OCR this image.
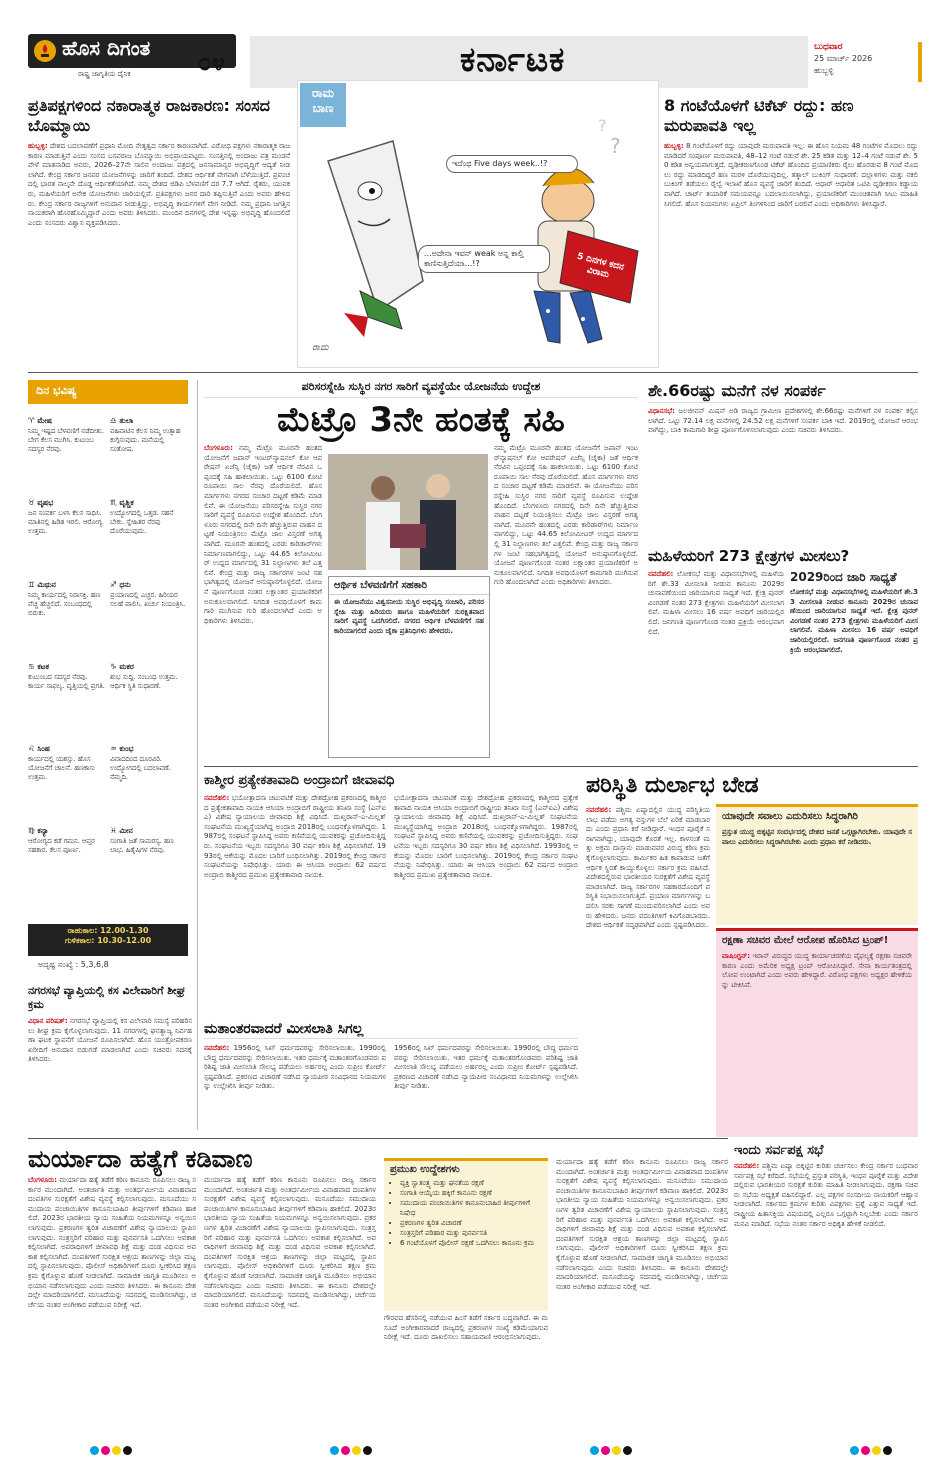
ಹೊಸ ದಿಗಂತ
ರಾಷ್ಟ್ರ ಜಾಗೃತಿಯ ದೈನಿಕ	೦೪	ಕರ್ನಾಟಕ	ಬುಧವಾರ
25 ಮಾರ್ಚ್ 2026
ಹುಬ್ಬಳ್ಳಿ
ಪ್ರತಿಪಕ್ಷಗಳಿಂದ ನಕಾರಾತ್ಮಕ ರಾಜಕಾರಣ: ಸಂಸದ ಬೊಮ್ಮಾಯಿ
ಹುಬ್ಬಳ್ಳಿ: ದೇಶದ ಬದಲಾವಣೆಗೆ ಪ್ರಧಾನಿ ಮೋದಿ ನೇತೃತ್ವದ ಸರ್ಕಾರ ಕಾರಣವಾಗಿದೆ. ವಿರೋಧ ಪಕ್ಷಗಳು ನಕಾರಾತ್ಮಕ ರಾಜಕಾರಣ ಮಾಡುತ್ತಿವೆ ಎಂದು ಸಂಸದ ಬಸವರಾಜ ಬೊಮ್ಮಾಯಿ ಅಭಿಪ್ರಾಯಪಟ್ಟರು. ಸಂಸತ್ತಿನಲ್ಲಿ ಅಂದಾಜು ಪತ್ರ ಮಂಡನೆ ವೇಳೆ ಮಾತನಾಡಿದ ಅವರು, 2026–27ನೇ ಸಾಲಿನ ಅಂದಾಜು ಪತ್ರದಲ್ಲಿ ಜನಸಾಮಾನ್ಯರ ಅಭಿವೃದ್ಧಿಗೆ ಆದ್ಯತೆ ನೀಡಲಾಗಿದೆ. ಕೇಂದ್ರ ಸರ್ಕಾರ ಜನಪರ ಯೋಜನೆಗಳನ್ನು ಜಾರಿಗೆ ತಂದಿದೆ. ದೇಶದ ಆರ್ಥಿಕತೆ ವೇಗವಾಗಿ ಬೆಳೆಯುತ್ತಿದೆ. ಪ್ರಪಂಚದಲ್ಲಿ ಭಾರತ ನಾಲ್ಕನೇ ದೊಡ್ಡ ಆರ್ಥಿಕತೆಯಾಗಿದೆ. ನಮ್ಮ ದೇಶದ ಜಿಡಿಪಿ ಬೆಳವಣಿಗೆ ದರ 7.7 ಆಗಿದೆ. ರೈತರು, ಯುವಕರು, ಮಹಿಳೆಯರಿಗೆ ಅನೇಕ ಯೋಜನೆಗಳು ಜಾರಿಯಲ್ಲಿವೆ. ಪ್ರತಿಪಕ್ಷಗಳು ಜನರ ದಾರಿ ತಪ್ಪಿಸುತ್ತಿವೆ ಎಂದು ಅವರು ಹೇಳಿದರು. ಕೇಂದ್ರ ಸರ್ಕಾರ ರಾಜ್ಯಗಳಿಗೆ ಅನುದಾನ ನೀಡುತ್ತಿದ್ದು, ಅಭಿವೃದ್ಧಿ ಕಾರ್ಯಗಳಿಗೆ ವೇಗ ನೀಡಿದೆ. ನಮ್ಮ ಪ್ರಧಾನಿ ಜಗತ್ತಿನ ನಾಯಕರಾಗಿ ಹೊರಹೊಮ್ಮಿದ್ದಾರೆ ಎಂದು ಅವರು ತಿಳಿಸಿದರು. ಮುಂದಿನ ದಿನಗಳಲ್ಲಿ ದೇಶ ಇನ್ನಷ್ಟು ಅಭಿವೃದ್ಧಿ ಹೊಂದಲಿದೆ ಎಂದು ಸಂಸದರು ವಿಶ್ವಾಸ ವ್ಯಕ್ತಪಡಿಸಿದರು.
ರಾಮ
ಬಾಣ
?
?
ಇದೆಂಥ Five days week..!?
...ಅದೇನಾ ಇವನ್ weak ಅನ್ನ ಕಾಲ್ತಿ ಕಾಣಿಸುತ್ತಿದೆಯಾ...!?	5 ದಿನಗಳ ಕದನ ವಿರಾಮ
ರಾಮ
8 ಗಂಟೆಯೊಳಗೆ ಟಿಕೆಟ್ ರದ್ದು: ಹಣ ಮರುಪಾವತಿ ಇಲ್ಲ
ಹುಬ್ಬಳ್ಳಿ: 8 ಗಂಟೆಯೊಳಗೆ ರದ್ದು ಯಾವುದೇ ಮರುಪಾವತಿ ಇಲ್ಲ: ಈ ಹೊಸ ನಿಯಮ 48 ಗಂಟೆಗಳ ಮೊದಲು ರದ್ದು ಮಾಡಿದರೆ ಸಂಪೂರ್ಣ ಮರುಪಾವತಿ, 48–12 ಗಂಟೆ ನಡುವೆ ಶೇ. 25 ಕಡಿತ ಮತ್ತು 12–4 ಗಂಟೆ ನಡುವೆ ಶೇ. 50 ಕಡಿತ ಅನ್ವಯವಾಗುತ್ತದೆ. ದೃಢೀಕರಣಗೊಂಡ ಟಿಕೆಟ್ ಹೊಂದಿದ ಪ್ರಯಾಣಿಕರು ರೈಲು ಹೊರಡುವ 8 ಗಂಟೆ ಮೊದಲು ರದ್ದು ಮಾಡದಿದ್ದರೆ ಹಣ ಮರಳಿ ದೊರೆಯುವುದಿಲ್ಲ. ತತ್ಕಾಲ್ ಬುಕಿಂಗ್ ಸುಧಾರಣೆ: ದಲ್ಲಾಳಿಗಳು ಮತ್ತು ನಕಲಿ ಬುಕಿಂಗ್ ತಡೆಯಲು ರೈಲ್ವೆ ಇಲಾಖೆ ಹೊಸ ವ್ಯವಸ್ಥೆ ಜಾರಿಗೆ ತಂದಿದೆ. ಆಧಾರ್ ಆಧಾರಿತ ಒಟಿಪಿ ದೃಢೀಕರಣ ಕಡ್ಡಾಯವಾಗಿದೆ. ಚಾರ್ಟ್ ತಯಾರಿಕೆ ಸಮಯವನ್ನೂ ಬದಲಾಯಿಸಲಾಗಿದ್ದು, ಪ್ರಯಾಣಿಕರಿಗೆ ಮುಂಚಿತವಾಗಿ ಸೀಟು ಮಾಹಿತಿ ಸಿಗಲಿದೆ. ಹೊಸ ನಿಯಮಗಳು ಏಪ್ರಿಲ್ ತಿಂಗಳಿನಿಂದ ಜಾರಿಗೆ ಬರಲಿವೆ ಎಂದು ಅಧಿಕಾರಿಗಳು ತಿಳಿಸಿದ್ದಾರೆ.
ದಿನ ಭವಿಷ್ಯ
♈ ಮೇಷ
ನಿಮ್ಮ ಇಷ್ಟದ ಬೆಳವಣಿಗೆ ನಡೆದೀತು. ಬೇಗ ಕೆಲಸ ಮುಗಿಸಿ. ಕುಟುಂಬ ಸದಸ್ಯರ ನೆರವು.
♎ ತುಲಾ
ವಹಿವಾಟಿನ ಕೆಲಸ ನಿಮ್ಮ ಉತ್ಸಾಹ ಕುಗ್ಗಿಸುವುದು. ಮನೆಯಲ್ಲಿ ಸಂತೋಷ.
♉ ವೃಷಭ
ಜನ ಸಂಪರ್ಕ ಬಳಸಿ ಕೆಲಸ ಸಾಧಿಸಿ. ಮಾತಿನಲ್ಲಿ ಹಿಡಿತ ಇರಲಿ. ಆರೋಗ್ಯ ಉತ್ತಮ.
♏ ವೃಶ್ಚಿಕ
ಉದ್ಯೋಗದಲ್ಲಿ ಒತ್ತಡ. ಸಹನೆ ಬೇಕು. ಸ್ನೇಹಿತರ ನೆರವು ದೊರೆಯುವುದು.
♊ ಮಿಥುನ
ನಿಮ್ಮ ಕಾರ್ಯದಲ್ಲಿ ನಿರಾಸಕ್ತಿ. ಹಣ ವೆಚ್ಚ ಹೆಚ್ಚಲಿದೆ. ಸಂಬಂಧದಲ್ಲಿ ಬಿರುಕು.
♐ ಧನು
ಪ್ರಯಾಣದಲ್ಲಿ ಎಚ್ಚರ. ಹಿರಿಯರ ಸಲಹೆ ಪಾಲಿಸಿ. ಖರ್ಚು ನಿಯಂತ್ರಿಸಿ.
♋ ಕಟಕ
ಕುಟುಂಬದ ಸದಸ್ಯರ ನೆರವು. ಕಾರ್ಯ ಸಾಫಲ್ಯ. ವೃತ್ತಿಯಲ್ಲಿ ಪ್ರಗತಿ.
♑ ಮಕರ
ಶುಭ ಸುದ್ದಿ. ಸಂಬಂಧ ಉತ್ತಮ. ಆರ್ಥಿಕ ಸ್ಥಿತಿ ಸುಧಾರಣೆ.
♌ ಸಿಂಹ
ಕಾರ್ಯದಲ್ಲಿ ಯಶಸ್ಸು. ಹೊಸ ಯೋಜನೆಗೆ ಚಾಲನೆ. ಹಣಕಾಸು ಉತ್ತಮ.
♒ ಕುಂಭ
ವಿವಾದದಿಂದ ದೂರವಿರಿ. ಉದ್ಯೋಗದಲ್ಲಿ ಬದಲಾವಣೆ. ನೆಮ್ಮದಿ.
♍ ಕನ್ಯಾ
ಆರೋಗ್ಯದ ಕಡೆ ಗಮನ. ಆಪ್ತರ ಸಹಕಾರ. ಕೆಲಸ ಪೂರ್ಣ.
♓ ಮೀನ
ಸಂಗಾತಿ ಜತೆ ಸಾಮರಸ್ಯ. ಹಣ ಲಾಭ. ಹಿತೈಷಿಗಳ ನೆರವು.
ರಾಹುಕಾಲ: 12.00-1.30
ಗುಳಿಕಕಾಲ: 10.30-12.00
ಅದೃಷ್ಟ ಸಂಖ್ಯೆ : 5,3,6,8
ನಗರಸಭೆ ವ್ಯಾಪ್ತಿಯಲ್ಲಿ ಕಸ ವಿಲೇವಾರಿಗೆ ಶೀಘ್ರ ಕ್ರಮ
ವಿಧಾನ ಪರಿಷತ್: ನಗರಸಭೆ ವ್ಯಾಪ್ತಿಯಲ್ಲಿ ಕಸ ವಿಲೇವಾರಿ ಸಮಸ್ಯೆ ಪರಿಹರಿಸಲು ಶೀಘ್ರ ಕ್ರಮ ಕೈಗೊಳ್ಳಲಾಗುವುದು. 11 ನಗರಗಳಲ್ಲಿ ಘನತ್ಯಾಜ್ಯ ನಿರ್ವಹಣಾ ಘಟಕ ಸ್ಥಾಪನೆಗೆ ಯೋಜನೆ ರೂಪಿಸಲಾಗಿದೆ. ಹೊಸ ಯಂತ್ರೋಪಕರಣ ಖರೀದಿಗೆ ಅನುದಾನ ಬಿಡುಗಡೆ ಮಾಡಲಾಗಿದೆ ಎಂದು ಸಚಿವರು ಸದನಕ್ಕೆ ತಿಳಿಸಿದರು.
ಪರಿಸರಸ್ನೇಹಿ ಸುಸ್ಥಿರ ನಗರ ಸಾರಿಗೆ ವ್ಯವಸ್ಥೆಯೇ ಯೋಜನೆಯ ಉದ್ದೇಶ
ಮೆಟ್ರೊ 3ನೇ ಹಂತಕ್ಕೆ ಸಹಿ
ಬೆಂಗಳೂರು: ನಮ್ಮ ಮೆಟ್ರೊ ಮೂರನೇ ಹಂತದ ಯೋಜನೆಗೆ ಜಪಾನ್ ಇಂಟರ್‌ನ್ಯಾಷನಲ್ ಕೋ ಆಪರೇಷನ್ ಏಜೆನ್ಸಿ (ಜೈಕಾ) ಜತೆ ಆರ್ಥಿಕ ನೆರವಿನ ಒಪ್ಪಂದಕ್ಕೆ ಸಹಿ ಹಾಕಲಾಯಿತು. ಒಟ್ಟು 6100 ಕೋಟಿ ರೂಪಾಯಿ ಸಾಲ ನೆರವು ದೊರೆಯಲಿದೆ. ಹೊಸ ಮಾರ್ಗಗಳು ನಗರದ ಸಂಚಾರ ದಟ್ಟಣೆ ಕಡಿಮೆ ಮಾಡಲಿವೆ. ಈ ಯೋಜನೆಯು ಪರಿಸರಸ್ನೇಹಿ ಸುಸ್ಥಿರ ನಗರ ಸಾರಿಗೆ ವ್ಯವಸ್ಥೆ ರೂಪಿಸುವ ಉದ್ದೇಶ ಹೊಂದಿದೆ. ಬೆಂಗಳೂರು ನಗರದಲ್ಲಿ ದಿನೇ ದಿನೇ ಹೆಚ್ಚುತ್ತಿರುವ ವಾಹನ ದಟ್ಟಣೆ ನಿಯಂತ್ರಿಸಲು ಮೆಟ್ರೊ ಜಾಲ ವಿಸ್ತರಣೆ ಅಗತ್ಯವಾಗಿದೆ. ಮೂರನೇ ಹಂತದಲ್ಲಿ ಎರಡು ಕಾರಿಡಾರ್‌ಗಳು ನಿರ್ಮಾಣವಾಗಲಿದ್ದು, ಒಟ್ಟು 44.65 ಕಿಲೋಮೀಟರ್ ಉದ್ದದ ಮಾರ್ಗದಲ್ಲಿ 31 ನಿಲ್ದಾಣಗಳು ತಲೆ ಎತ್ತಲಿವೆ. ಕೇಂದ್ರ ಮತ್ತು ರಾಜ್ಯ ಸರ್ಕಾರಗಳ ಜಂಟಿ ಸಹಭಾಗಿತ್ವದಲ್ಲಿ ಯೋಜನೆ ಅನುಷ್ಠಾನಗೊಳ್ಳಲಿದೆ. ಯೋಜನೆ ಪೂರ್ಣಗೊಂಡ ನಂತರ ಲಕ್ಷಾಂತರ ಪ್ರಯಾಣಿಕರಿಗೆ ಅನುಕೂಲವಾಗಲಿದೆ. ನಿಗದಿತ ಅವಧಿಯೊಳಗೆ ಕಾಮಗಾರಿ ಮುಗಿಸುವ ಗುರಿ ಹೊಂದಲಾಗಿದೆ ಎಂದು ಅಧಿಕಾರಿಗಳು ತಿಳಿಸಿದರು.
ಆರ್ಥಿಕ ಬೆಳವಣಿಗೆಗೆ ಸಹಕಾರಿ
ಈ ಯೋಜನೆಯು ವಿಶ್ವಸನೀಯ ಸುಸ್ಥಿರ ಅಭಿವೃದ್ಧಿ ಸಂಚಾರಿ, ಪರಿಸರ ಸ್ನೇಹಿ ಮತ್ತು ಹಿರಿಯರು ಹಾಗೂ ಮಹಿಳೆಯರಿಗೆ ಸುರಕ್ಷಿತವಾದ ಸಾರಿಗೆ ವ್ಯವಸ್ಥೆ ಒದಗಿಸಲಿದೆ. ನಗರದ ಆರ್ಥಿಕ ಬೆಳವಣಿಗೆಗೆ ಸಹಕಾರಿಯಾಗಲಿದೆ ಎಂದು ಜೈಕಾ ಪ್ರತಿನಿಧಿಗಳು ಹೇಳಿದರು.
ನಮ್ಮ ಮೆಟ್ರೊ ಮೂರನೇ ಹಂತದ ಯೋಜನೆಗೆ ಜಪಾನ್ ಇಂಟರ್‌ನ್ಯಾಷನಲ್ ಕೋ ಆಪರೇಷನ್ ಏಜೆನ್ಸಿ (ಜೈಕಾ) ಜತೆ ಆರ್ಥಿಕ ನೆರವಿನ ಒಪ್ಪಂದಕ್ಕೆ ಸಹಿ ಹಾಕಲಾಯಿತು. ಒಟ್ಟು 6100 ಕೋಟಿ ರೂಪಾಯಿ ಸಾಲ ನೆರವು ದೊರೆಯಲಿದೆ. ಹೊಸ ಮಾರ್ಗಗಳು ನಗರದ ಸಂಚಾರ ದಟ್ಟಣೆ ಕಡಿಮೆ ಮಾಡಲಿವೆ. ಈ ಯೋಜನೆಯು ಪರಿಸರಸ್ನೇಹಿ ಸುಸ್ಥಿರ ನಗರ ಸಾರಿಗೆ ವ್ಯವಸ್ಥೆ ರೂಪಿಸುವ ಉದ್ದೇಶ ಹೊಂದಿದೆ. ಬೆಂಗಳೂರು ನಗರದಲ್ಲಿ ದಿನೇ ದಿನೇ ಹೆಚ್ಚುತ್ತಿರುವ ವಾಹನ ದಟ್ಟಣೆ ನಿಯಂತ್ರಿಸಲು ಮೆಟ್ರೊ ಜಾಲ ವಿಸ್ತರಣೆ ಅಗತ್ಯವಾಗಿದೆ. ಮೂರನೇ ಹಂತದಲ್ಲಿ ಎರಡು ಕಾರಿಡಾರ್‌ಗಳು ನಿರ್ಮಾಣವಾಗಲಿದ್ದು, ಒಟ್ಟು 44.65 ಕಿಲೋಮೀಟರ್ ಉದ್ದದ ಮಾರ್ಗದಲ್ಲಿ 31 ನಿಲ್ದಾಣಗಳು ತಲೆ ಎತ್ತಲಿವೆ. ಕೇಂದ್ರ ಮತ್ತು ರಾಜ್ಯ ಸರ್ಕಾರಗಳ ಜಂಟಿ ಸಹಭಾಗಿತ್ವದಲ್ಲಿ ಯೋಜನೆ ಅನುಷ್ಠಾನಗೊಳ್ಳಲಿದೆ. ಯೋಜನೆ ಪೂರ್ಣಗೊಂಡ ನಂತರ ಲಕ್ಷಾಂತರ ಪ್ರಯಾಣಿಕರಿಗೆ ಅನುಕೂಲವಾಗಲಿದೆ. ನಿಗದಿತ ಅವಧಿಯೊಳಗೆ ಕಾಮಗಾರಿ ಮುಗಿಸುವ ಗುರಿ ಹೊಂದಲಾಗಿದೆ ಎಂದು ಅಧಿಕಾರಿಗಳು ತಿಳಿಸಿದರು.
ಶೇ.66ರಷ್ಟು ಮನೆಗೆ ನಳ ಸಂಪರ್ಕ
ವಿಧಾನಸಭೆ: ಜಲಜೀವನ್ ಮಿಷನ್ ಅಡಿ ರಾಜ್ಯದ ಗ್ರಾಮೀಣ ಪ್ರದೇಶಗಳಲ್ಲಿ ಶೇ.66ರಷ್ಟು ಮನೆಗಳಿಗೆ ನಳ ಸಂಪರ್ಕ ಕಲ್ಪಿಸಲಾಗಿದೆ. ಒಟ್ಟು 72.14 ಲಕ್ಷ ಮನೆಗಳಲ್ಲಿ 24.52 ಲಕ್ಷ ಮನೆಗಳಿಗೆ ಸಂಪರ್ಕ ಬಾಕಿ ಇದೆ. 2019ರಲ್ಲಿ ಯೋಜನೆ ಆರಂಭವಾಗಿದ್ದು, ಬಾಕಿ ಕಾಮಗಾರಿ ಶೀಘ್ರ ಪೂರ್ಣಗೊಳಿಸಲಾಗುವುದು ಎಂದು ಸಚಿವರು ತಿಳಿಸಿದರು.
ಮಹಿಳೆಯರಿಗೆ 273 ಕ್ಷೇತ್ರಗಳ ಮೀಸಲು?
ನವದೆಹಲಿ: ಲೋಕಸಭೆ ಮತ್ತು ವಿಧಾನಸಭೆಗಳಲ್ಲಿ ಮಹಿಳೆಯರಿಗೆ ಶೇ.33 ಮೀಸಲಾತಿ ನೀಡುವ ಕಾನೂನು 2029ರ ಚುನಾವಣೆಯಿಂದ ಜಾರಿಯಾಗುವ ಸಾಧ್ಯತೆ ಇದೆ. ಕ್ಷೇತ್ರ ಪುನರ್ ವಿಂಗಡಣೆ ನಂತರ 273 ಕ್ಷೇತ್ರಗಳು ಮಹಿಳೆಯರಿಗೆ ಮೀಸಲಾಗಲಿವೆ. ಮಹಿಳಾ ಮೀಸಲು 16 ವರ್ಷ ಅವಧಿಗೆ ಜಾರಿಯಲ್ಲಿರಲಿದೆ. ಜನಗಣತಿ ಪೂರ್ಣಗೊಂಡ ನಂತರ ಪ್ರಕ್ರಿಯೆ ಆರಂಭವಾಗಲಿದೆ.
2029ರಿಂದ ಜಾರಿ ಸಾಧ್ಯತೆ
ಲೋಕಸಭೆ ಮತ್ತು ವಿಧಾನಸಭೆಗಳಲ್ಲಿ ಮಹಿಳೆಯರಿಗೆ ಶೇ.33 ಮೀಸಲಾತಿ ನೀಡುವ ಕಾನೂನು 2029ರ ಚುನಾವಣೆಯಿಂದ ಜಾರಿಯಾಗುವ ಸಾಧ್ಯತೆ ಇದೆ. ಕ್ಷೇತ್ರ ಪುನರ್ ವಿಂಗಡಣೆ ನಂತರ 273 ಕ್ಷೇತ್ರಗಳು ಮಹಿಳೆಯರಿಗೆ ಮೀಸಲಾಗಲಿವೆ. ಮಹಿಳಾ ಮೀಸಲು 16 ವರ್ಷ ಅವಧಿಗೆ ಜಾರಿಯಲ್ಲಿರಲಿದೆ. ಜನಗಣತಿ ಪೂರ್ಣಗೊಂಡ ನಂತರ ಪ್ರಕ್ರಿಯೆ ಆರಂಭವಾಗಲಿದೆ.
ಕಾಶ್ಮೀರ ಪ್ರತ್ಯೇಕತಾವಾದಿ ಅಂದ್ರಾಬಿಗೆ ಜೀವಾವಧಿ
ನವದೆಹಲಿ: ಭಯೋತ್ಪಾದನಾ ಚಟುವಟಿಕೆ ಮತ್ತು ದೇಶದ್ರೋಹ ಪ್ರಕರಣದಲ್ಲಿ ಕಾಶ್ಮೀರದ ಪ್ರತ್ಯೇಕತಾವಾದಿ ನಾಯಕಿ ಆಸಿಯಾ ಅಂದ್ರಾಬಿಗೆ ರಾಷ್ಟ್ರೀಯ ತನಿಖಾ ಸಂಸ್ಥೆ (ಎನ್‌ಐಎ) ವಿಶೇಷ ನ್ಯಾಯಾಲಯ ಜೀವಾವಧಿ ಶಿಕ್ಷೆ ವಿಧಿಸಿದೆ. ದುಖ್ತರಾನ್-ಎ-ಮಿಲ್ಲತ್ ಸಂಘಟನೆಯ ಮುಖ್ಯಸ್ಥೆಯಾಗಿದ್ದ ಅಂದ್ರಾಬಿ 2018ರಲ್ಲಿ ಬಂಧನಕ್ಕೊಳಗಾಗಿದ್ದರು. 1987ರಲ್ಲಿ ಸಂಘಟನೆ ಸ್ಥಾಪಿಸಿದ್ದ ಅವರು ಕಣಿವೆಯಲ್ಲಿ ಯುವಕರನ್ನು ಪ್ರಚೋದಿಸುತ್ತಿದ್ದರು. ಸಂಘಟನೆಯ ಇಬ್ಬರು ಸದಸ್ಯರಿಗೂ 30 ವರ್ಷ ಕಠಿಣ ಶಿಕ್ಷೆ ವಿಧಿಸಲಾಗಿದೆ. 1993ರಲ್ಲಿ ಆಕೆಯನ್ನು ಮೊದಲ ಬಾರಿಗೆ ಬಂಧಿಸಲಾಗಿತ್ತು. 2019ರಲ್ಲಿ ಕೇಂದ್ರ ಸರ್ಕಾರ ಸಂಘಟನೆಯನ್ನು ನಿಷೇಧಿಸಿತ್ತು. ಯಾರು ಈ ಆಸಿಯಾ ಅಂದ್ರಾಬಿ: 62 ವರ್ಷದ ಅಂದ್ರಾಬಿ ಕಾಶ್ಮೀರದ ಪ್ರಮುಖ ಪ್ರತ್ಯೇಕತಾವಾದಿ ನಾಯಕಿ.
ಭಯೋತ್ಪಾದನಾ ಚಟುವಟಿಕೆ ಮತ್ತು ದೇಶದ್ರೋಹ ಪ್ರಕರಣದಲ್ಲಿ ಕಾಶ್ಮೀರದ ಪ್ರತ್ಯೇಕತಾವಾದಿ ನಾಯಕಿ ಆಸಿಯಾ ಅಂದ್ರಾಬಿಗೆ ರಾಷ್ಟ್ರೀಯ ತನಿಖಾ ಸಂಸ್ಥೆ (ಎನ್‌ಐಎ) ವಿಶೇಷ ನ್ಯಾಯಾಲಯ ಜೀವಾವಧಿ ಶಿಕ್ಷೆ ವಿಧಿಸಿದೆ. ದುಖ್ತರಾನ್-ಎ-ಮಿಲ್ಲತ್ ಸಂಘಟನೆಯ ಮುಖ್ಯಸ್ಥೆಯಾಗಿದ್ದ ಅಂದ್ರಾಬಿ 2018ರಲ್ಲಿ ಬಂಧನಕ್ಕೊಳಗಾಗಿದ್ದರು. 1987ರಲ್ಲಿ ಸಂಘಟನೆ ಸ್ಥಾಪಿಸಿದ್ದ ಅವರು ಕಣಿವೆಯಲ್ಲಿ ಯುವಕರನ್ನು ಪ್ರಚೋದಿಸುತ್ತಿದ್ದರು. ಸಂಘಟನೆಯ ಇಬ್ಬರು ಸದಸ್ಯರಿಗೂ 30 ವರ್ಷ ಕಠಿಣ ಶಿಕ್ಷೆ ವಿಧಿಸಲಾಗಿದೆ. 1993ರಲ್ಲಿ ಆಕೆಯನ್ನು ಮೊದಲ ಬಾರಿಗೆ ಬಂಧಿಸಲಾಗಿತ್ತು. 2019ರಲ್ಲಿ ಕೇಂದ್ರ ಸರ್ಕಾರ ಸಂಘಟನೆಯನ್ನು ನಿಷೇಧಿಸಿತ್ತು. ಯಾರು ಈ ಆಸಿಯಾ ಅಂದ್ರಾಬಿ: 62 ವರ್ಷದ ಅಂದ್ರಾಬಿ ಕಾಶ್ಮೀರದ ಪ್ರಮುಖ ಪ್ರತ್ಯೇಕತಾವಾದಿ ನಾಯಕಿ.
ಮತಾಂತರವಾದರೆ ಮೀಸಲಾತಿ ಸಿಗಲ್ಲ
ನವದೆಹಲಿ: 1956ರಲ್ಲಿ ಸಿಖ್ ಧರ್ಮದವರನ್ನು ಸೇರಿಸಲಾಯಿತು. 1990ರಲ್ಲಿ ಬೌದ್ಧ ಧರ್ಮದವರನ್ನು ಸೇರಿಸಲಾಯಿತು. ಇತರ ಧರ್ಮಕ್ಕೆ ಮತಾಂತರಗೊಂಡವರು ಪರಿಶಿಷ್ಟ ಜಾತಿ ಮೀಸಲಾತಿ ಸೌಲಭ್ಯ ಪಡೆಯಲು ಅರ್ಹರಲ್ಲ ಎಂದು ಸುಪ್ರೀಂ ಕೋರ್ಟ್ ಸ್ಪಷ್ಟಪಡಿಸಿದೆ. ಪ್ರಕರಣದ ವಿಚಾರಣೆ ನಡೆಸಿದ ನ್ಯಾಯಪೀಠ ಸಂವಿಧಾನದ ನಿಯಮಗಳನ್ನು ಉಲ್ಲೇಖಿಸಿ ತೀರ್ಪು ನೀಡಿತು.
1956ರಲ್ಲಿ ಸಿಖ್ ಧರ್ಮದವರನ್ನು ಸೇರಿಸಲಾಯಿತು. 1990ರಲ್ಲಿ ಬೌದ್ಧ ಧರ್ಮದವರನ್ನು ಸೇರಿಸಲಾಯಿತು. ಇತರ ಧರ್ಮಕ್ಕೆ ಮತಾಂತರಗೊಂಡವರು ಪರಿಶಿಷ್ಟ ಜಾತಿ ಮೀಸಲಾತಿ ಸೌಲಭ್ಯ ಪಡೆಯಲು ಅರ್ಹರಲ್ಲ ಎಂದು ಸುಪ್ರೀಂ ಕೋರ್ಟ್ ಸ್ಪಷ್ಟಪಡಿಸಿದೆ. ಪ್ರಕರಣದ ವಿಚಾರಣೆ ನಡೆಸಿದ ನ್ಯಾಯಪೀಠ ಸಂವಿಧಾನದ ನಿಯಮಗಳನ್ನು ಉಲ್ಲೇಖಿಸಿ ತೀರ್ಪು ನೀಡಿತು.
ಪರಿಸ್ಥಿತಿ ದುರ್ಲಾಭ ಬೇಡ
ನವದೆಹಲಿ: ಪಶ್ಚಿಮ ಏಷ್ಯಾದಲ್ಲಿನ ಯುದ್ಧ ಪರಿಸ್ಥಿತಿಯ ಲಾಭ ಪಡೆದು ಅಗತ್ಯ ವಸ್ತುಗಳ ಬೆಲೆ ಏರಿಕೆ ಮಾಡಬಾರದು ಎಂದು ಪ್ರಧಾನಿ ಕರೆ ನೀಡಿದ್ದಾರೆ. ಇಂಧನ ಪೂರೈಕೆ ಸರಾಗವಾಗಿದ್ದು, ಯಾವುದೇ ಕೊರತೆ ಇಲ್ಲ. ಕಾಳಸಂತೆ ಮತ್ತು ಅಕ್ರಮ ದಾಸ್ತಾನು ಮಾಡುವವರ ವಿರುದ್ಧ ಕಠಿಣ ಕ್ರಮ ಕೈಗೊಳ್ಳಲಾಗುವುದು. ಕಾರ್ಮಿಕರ ಹಿತ ಕಾಪಾಡುವ ಜತೆಗೆ ಆರ್ಥಿಕ ಸ್ಥಿರತೆ ಕಾಯ್ದುಕೊಳ್ಳಲು ಸರ್ಕಾರ ಕ್ರಮ ವಹಿಸಿದೆ. ವಿದೇಶದಲ್ಲಿರುವ ಭಾರತೀಯರ ಸುರಕ್ಷತೆಗೆ ವಿಶೇಷ ವ್ಯವಸ್ಥೆ ಮಾಡಲಾಗಿದೆ. ರಾಜ್ಯ ಸರ್ಕಾರಗಳ ಸಹಕಾರದೊಂದಿಗೆ ಪರಿಸ್ಥಿತಿ ನಿಭಾಯಿಸಲಾಗುತ್ತಿದೆ. ಪ್ರಯಾಣ ಮಾರ್ಗಗಳನ್ನು ಬದಲಿಸಿ ಸರಕು ಸಾಗಣೆ ಮುಂದುವರಿಸಲಾಗಿದೆ ಎಂದು ಅವರು ಹೇಳಿದರು. ಜನರು ವದಂತಿಗಳಿಗೆ ಕಿವಿಗೊಡಬಾರದು. ದೇಶದ ಆರ್ಥಿಕತೆ ಸದೃಢವಾಗಿದೆ ಎಂದು ಸ್ಪಷ್ಟಪಡಿಸಿದರು.
ಯಾವುದೇ ಸವಾಲು ಎದುರಿಸಲು ಸಿದ್ಧರಾಗಿರಿ
ಪ್ರಸ್ತುತ ಯುದ್ಧ ಬಿಕ್ಕಟ್ಟಿನ ಸಂದರ್ಭದಲ್ಲಿ ದೇಶದ ಜನತೆ ಒಗ್ಗಟ್ಟಾಗಿರಬೇಕು. ಯಾವುದೇ ಸವಾಲು ಎದುರಿಸಲು ಸಿದ್ಧರಾಗಿರಬೇಕು ಎಂದು ಪ್ರಧಾನಿ ಕರೆ ನೀಡಿದರು.
ರಕ್ಷಣಾ ಸಚಿವರ ಮೇಲೆ ಆರೋಪ ಹೊರಿಸಿದ ಟ್ರಂಪ್!
ವಾಷಿಂಗ್ಟನ್: ಇರಾನ್ ವಿರುದ್ಧದ ಯುದ್ಧ ಕಾರ್ಯಾಚರಣೆಯ ವೈಫಲ್ಯಕ್ಕೆ ರಕ್ಷಣಾ ಸಚಿವರೇ ಕಾರಣ ಎಂದು ಅಮೆರಿಕ ಅಧ್ಯಕ್ಷ ಟ್ರಂಪ್ ಆರೋಪಿಸಿದ್ದಾರೆ. ಸೇನಾ ಕಾರ್ಯತಂತ್ರದಲ್ಲಿ ಲೋಪ ಉಂಟಾಗಿದೆ ಎಂದು ಅವರು ಹೇಳಿದ್ದಾರೆ. ವಿರೋಧ ಪಕ್ಷಗಳು ಅಧ್ಯಕ್ಷರ ಹೇಳಿಕೆಯನ್ನು ಟೀಕಿಸಿವೆ.
ಇಂದು ಸರ್ವಪಕ್ಷ ಸಭೆ
ನವದೆಹಲಿ: ಪಶ್ಚಿಮ ಏಷ್ಯಾ ಬಿಕ್ಕಟ್ಟಿನ ಕುರಿತು ಚರ್ಚಿಸಲು ಕೇಂದ್ರ ಸರ್ಕಾರ ಬುಧವಾರ ಸರ್ವಪಕ್ಷ ಸಭೆ ಕರೆದಿದೆ. ಸಭೆಯಲ್ಲಿ ಪ್ರಸ್ತುತ ಪರಿಸ್ಥಿತಿ, ಇಂಧನ ಪೂರೈಕೆ ಮತ್ತು ವಿದೇಶದಲ್ಲಿರುವ ಭಾರತೀಯರ ಸುರಕ್ಷತೆ ಕುರಿತು ಮಾಹಿತಿ ನೀಡಲಾಗುವುದು. ರಕ್ಷಣಾ ಸಚಿವರು ಸಭೆಯ ಅಧ್ಯಕ್ಷತೆ ವಹಿಸಲಿದ್ದಾರೆ. ಎಲ್ಲ ಪಕ್ಷಗಳ ಸಂಸದೀಯ ನಾಯಕರಿಗೆ ಆಹ್ವಾನ ನೀಡಲಾಗಿದೆ. ಸರ್ಕಾರದ ಕ್ರಮಗಳ ಕುರಿತು ವಿಪಕ್ಷಗಳು ಪ್ರಶ್ನೆ ಎತ್ತುವ ಸಾಧ್ಯತೆ ಇದೆ. ರಾಷ್ಟ್ರೀಯ ಹಿತಾಸಕ್ತಿಯ ವಿಷಯದಲ್ಲಿ ಎಲ್ಲರೂ ಒಗ್ಗಟ್ಟಾಗಿ ನಿಲ್ಲಬೇಕು ಎಂದು ಸರ್ಕಾರ ಮನವಿ ಮಾಡಿದೆ. ಸಭೆಯ ನಂತರ ಸರ್ಕಾರ ಅಧಿಕೃತ ಹೇಳಿಕೆ ನೀಡಲಿದೆ.
ಮರ್ಯಾದಾ ಹತ್ಯೆಗೆ ಕಡಿವಾಣ
ಬೆಂಗಳೂರು: ಮರ್ಯಾದಾ ಹತ್ಯೆ ತಡೆಗೆ ಕಠಿಣ ಕಾನೂನು ರೂಪಿಸಲು ರಾಜ್ಯ ಸರ್ಕಾರ ಮುಂದಾಗಿದೆ. ಅಂತರ್ಜಾತಿ ಮತ್ತು ಅಂತರ್ಧರ್ಮೀಯ ವಿವಾಹವಾದ ದಂಪತಿಗಳ ಸುರಕ್ಷತೆಗೆ ವಿಶೇಷ ವ್ಯವಸ್ಥೆ ಕಲ್ಪಿಸಲಾಗುವುದು. ಮಸೂದೆಯು ಸಮುದಾಯ ಪಂಚಾಯಿತಿಗಳ ಕಾನೂನುಬಾಹಿರ ತೀರ್ಪುಗಳಿಗೆ ಕಡಿವಾಣ ಹಾಕಲಿದೆ. 2023ರ ಭಾರತೀಯ ನ್ಯಾಯ ಸಂಹಿತೆಯ ನಿಯಮಗಳನ್ನೂ ಅನ್ವಯಿಸಲಾಗುವುದು. ಪ್ರಕರಣಗಳ ತ್ವರಿತ ವಿಚಾರಣೆಗೆ ವಿಶೇಷ ನ್ಯಾಯಾಲಯ ಸ್ಥಾಪಿಸಲಾಗುವುದು. ಸಂತ್ರಸ್ತರಿಗೆ ಪರಿಹಾರ ಮತ್ತು ಪುನರ್ವಸತಿ ಒದಗಿಸಲು ಅವಕಾಶ ಕಲ್ಪಿಸಲಾಗಿದೆ. ಅಪರಾಧಿಗಳಿಗೆ ಜೀವಾವಧಿ ಶಿಕ್ಷೆ ಮತ್ತು ದಂಡ ವಿಧಿಸುವ ಅವಕಾಶ ಕಲ್ಪಿಸಲಾಗಿದೆ. ದಂಪತಿಗಳಿಗೆ ಸುರಕ್ಷಿತ ಆಶ್ರಯ ತಾಣಗಳನ್ನು ಜಿಲ್ಲಾ ಮಟ್ಟದಲ್ಲಿ ಸ್ಥಾಪಿಸಲಾಗುವುದು. ಪೊಲೀಸ್ ಅಧಿಕಾರಿಗಳಿಗೆ ದೂರು ಸ್ವೀಕರಿಸಿದ ತಕ್ಷಣ ಕ್ರಮ ಕೈಗೊಳ್ಳುವ ಹೊಣೆ ನೀಡಲಾಗಿದೆ. ಸಾಮಾಜಿಕ ಜಾಗೃತಿ ಮೂಡಿಸಲು ಅಭಿಯಾನ ನಡೆಸಲಾಗುವುದು ಎಂದು ಸಚಿವರು ತಿಳಿಸಿದರು. ಈ ಕಾನೂನು ದೇಶದಲ್ಲೇ ಮಾದರಿಯಾಗಲಿದೆ. ಮಸೂದೆಯನ್ನು ಸದನದಲ್ಲಿ ಮಂಡಿಸಲಾಗಿದ್ದು, ಚರ್ಚೆಯ ನಂತರ ಅಂಗೀಕಾರ ಪಡೆಯುವ ನಿರೀಕ್ಷೆ ಇದೆ.
ಮರ್ಯಾದಾ ಹತ್ಯೆ ತಡೆಗೆ ಕಠಿಣ ಕಾನೂನು ರೂಪಿಸಲು ರಾಜ್ಯ ಸರ್ಕಾರ ಮುಂದಾಗಿದೆ. ಅಂತರ್ಜಾತಿ ಮತ್ತು ಅಂತರ್ಧರ್ಮೀಯ ವಿವಾಹವಾದ ದಂಪತಿಗಳ ಸುರಕ್ಷತೆಗೆ ವಿಶೇಷ ವ್ಯವಸ್ಥೆ ಕಲ್ಪಿಸಲಾಗುವುದು. ಮಸೂದೆಯು ಸಮುದಾಯ ಪಂಚಾಯಿತಿಗಳ ಕಾನೂನುಬಾಹಿರ ತೀರ್ಪುಗಳಿಗೆ ಕಡಿವಾಣ ಹಾಕಲಿದೆ. 2023ರ ಭಾರತೀಯ ನ್ಯಾಯ ಸಂಹಿತೆಯ ನಿಯಮಗಳನ್ನೂ ಅನ್ವಯಿಸಲಾಗುವುದು. ಪ್ರಕರಣಗಳ ತ್ವರಿತ ವಿಚಾರಣೆಗೆ ವಿಶೇಷ ನ್ಯಾಯಾಲಯ ಸ್ಥಾಪಿಸಲಾಗುವುದು. ಸಂತ್ರಸ್ತರಿಗೆ ಪರಿಹಾರ ಮತ್ತು ಪುನರ್ವಸತಿ ಒದಗಿಸಲು ಅವಕಾಶ ಕಲ್ಪಿಸಲಾಗಿದೆ. ಅಪರಾಧಿಗಳಿಗೆ ಜೀವಾವಧಿ ಶಿಕ್ಷೆ ಮತ್ತು ದಂಡ ವಿಧಿಸುವ ಅವಕಾಶ ಕಲ್ಪಿಸಲಾಗಿದೆ. ದಂಪತಿಗಳಿಗೆ ಸುರಕ್ಷಿತ ಆಶ್ರಯ ತಾಣಗಳನ್ನು ಜಿಲ್ಲಾ ಮಟ್ಟದಲ್ಲಿ ಸ್ಥಾಪಿಸಲಾಗುವುದು. ಪೊಲೀಸ್ ಅಧಿಕಾರಿಗಳಿಗೆ ದೂರು ಸ್ವೀಕರಿಸಿದ ತಕ್ಷಣ ಕ್ರಮ ಕೈಗೊಳ್ಳುವ ಹೊಣೆ ನೀಡಲಾಗಿದೆ. ಸಾಮಾಜಿಕ ಜಾಗೃತಿ ಮೂಡಿಸಲು ಅಭಿಯಾನ ನಡೆಸಲಾಗುವುದು ಎಂದು ಸಚಿವರು ತಿಳಿಸಿದರು. ಈ ಕಾನೂನು ದೇಶದಲ್ಲೇ ಮಾದರಿಯಾಗಲಿದೆ. ಮಸೂದೆಯನ್ನು ಸದನದಲ್ಲಿ ಮಂಡಿಸಲಾಗಿದ್ದು, ಚರ್ಚೆಯ ನಂತರ ಅಂಗೀಕಾರ ಪಡೆಯುವ ನಿರೀಕ್ಷೆ ಇದೆ.
ಪ್ರಮುಖ ಉದ್ದೇಶಗಳು
• ವ್ಯಕ್ತಿ ಸ್ವಾತಂತ್ರ್ಯ ಮತ್ತು ಘನತೆಯ ರಕ್ಷಣೆ
• ಸಂಗಾತಿ ಆಯ್ಕೆಯ ಹಕ್ಕಿಗೆ ಕಾನೂನು ರಕ್ಷಣೆ
• ಸಮುದಾಯ ಪಂಚಾಯಿತಿಗಳ ಕಾನೂನುಬಾಹಿರ ತೀರ್ಪುಗಳಿಗೆ ನಿಷೇಧ
• ಪ್ರಕರಣಗಳ ತ್ವರಿತ ವಿಚಾರಣೆ
• ಸಂತ್ರಸ್ತರಿಗೆ ಪರಿಹಾರ ಮತ್ತು ಪುನರ್ವಸತಿ
• 6 ಗಂಟೆಯೊಳಗೆ ಪೊಲೀಸ್ ರಕ್ಷಣೆ ಒದಗಿಸಲು ಕಾನೂನು ಕ್ರಮ
ಗೌರವದ ಹೆಸರಿನಲ್ಲಿ ನಡೆಯುವ ಹಿಂಸೆ ತಡೆಗೆ ಸರ್ಕಾರ ಬದ್ಧವಾಗಿದೆ. ಈ ಮಸೂದೆ ಅಂಗೀಕಾರವಾದರೆ ರಾಜ್ಯದಲ್ಲಿ ಪ್ರಕರಣಗಳ ಸಂಖ್ಯೆ ಕಡಿಮೆಯಾಗುವ ನಿರೀಕ್ಷೆ ಇದೆ. ದೂರು ದಾಖಲಿಸಲು ಸಹಾಯವಾಣಿ ಆರಂಭಿಸಲಾಗುವುದು.
ಮರ್ಯಾದಾ ಹತ್ಯೆ ತಡೆಗೆ ಕಠಿಣ ಕಾನೂನು ರೂಪಿಸಲು ರಾಜ್ಯ ಸರ್ಕಾರ ಮುಂದಾಗಿದೆ. ಅಂತರ್ಜಾತಿ ಮತ್ತು ಅಂತರ್ಧರ್ಮೀಯ ವಿವಾಹವಾದ ದಂಪತಿಗಳ ಸುರಕ್ಷತೆಗೆ ವಿಶೇಷ ವ್ಯವಸ್ಥೆ ಕಲ್ಪಿಸಲಾಗುವುದು. ಮಸೂದೆಯು ಸಮುದಾಯ ಪಂಚಾಯಿತಿಗಳ ಕಾನೂನುಬಾಹಿರ ತೀರ್ಪುಗಳಿಗೆ ಕಡಿವಾಣ ಹಾಕಲಿದೆ. 2023ರ ಭಾರತೀಯ ನ್ಯಾಯ ಸಂಹಿತೆಯ ನಿಯಮಗಳನ್ನೂ ಅನ್ವಯಿಸಲಾಗುವುದು. ಪ್ರಕರಣಗಳ ತ್ವರಿತ ವಿಚಾರಣೆಗೆ ವಿಶೇಷ ನ್ಯಾಯಾಲಯ ಸ್ಥಾಪಿಸಲಾಗುವುದು. ಸಂತ್ರಸ್ತರಿಗೆ ಪರಿಹಾರ ಮತ್ತು ಪುನರ್ವಸತಿ ಒದಗಿಸಲು ಅವಕಾಶ ಕಲ್ಪಿಸಲಾಗಿದೆ. ಅಪರಾಧಿಗಳಿಗೆ ಜೀವಾವಧಿ ಶಿಕ್ಷೆ ಮತ್ತು ದಂಡ ವಿಧಿಸುವ ಅವಕಾಶ ಕಲ್ಪಿಸಲಾಗಿದೆ. ದಂಪತಿಗಳಿಗೆ ಸುರಕ್ಷಿತ ಆಶ್ರಯ ತಾಣಗಳನ್ನು ಜಿಲ್ಲಾ ಮಟ್ಟದಲ್ಲಿ ಸ್ಥಾಪಿಸಲಾಗುವುದು. ಪೊಲೀಸ್ ಅಧಿಕಾರಿಗಳಿಗೆ ದೂರು ಸ್ವೀಕರಿಸಿದ ತಕ್ಷಣ ಕ್ರಮ ಕೈಗೊಳ್ಳುವ ಹೊಣೆ ನೀಡಲಾಗಿದೆ. ಸಾಮಾಜಿಕ ಜಾಗೃತಿ ಮೂಡಿಸಲು ಅಭಿಯಾನ ನಡೆಸಲಾಗುವುದು ಎಂದು ಸಚಿವರು ತಿಳಿಸಿದರು. ಈ ಕಾನೂನು ದೇಶದಲ್ಲೇ ಮಾದರಿಯಾಗಲಿದೆ. ಮಸೂದೆಯನ್ನು ಸದನದಲ್ಲಿ ಮಂಡಿಸಲಾಗಿದ್ದು, ಚರ್ಚೆಯ ನಂತರ ಅಂಗೀಕಾರ ಪಡೆಯುವ ನಿರೀಕ್ಷೆ ಇದೆ.
